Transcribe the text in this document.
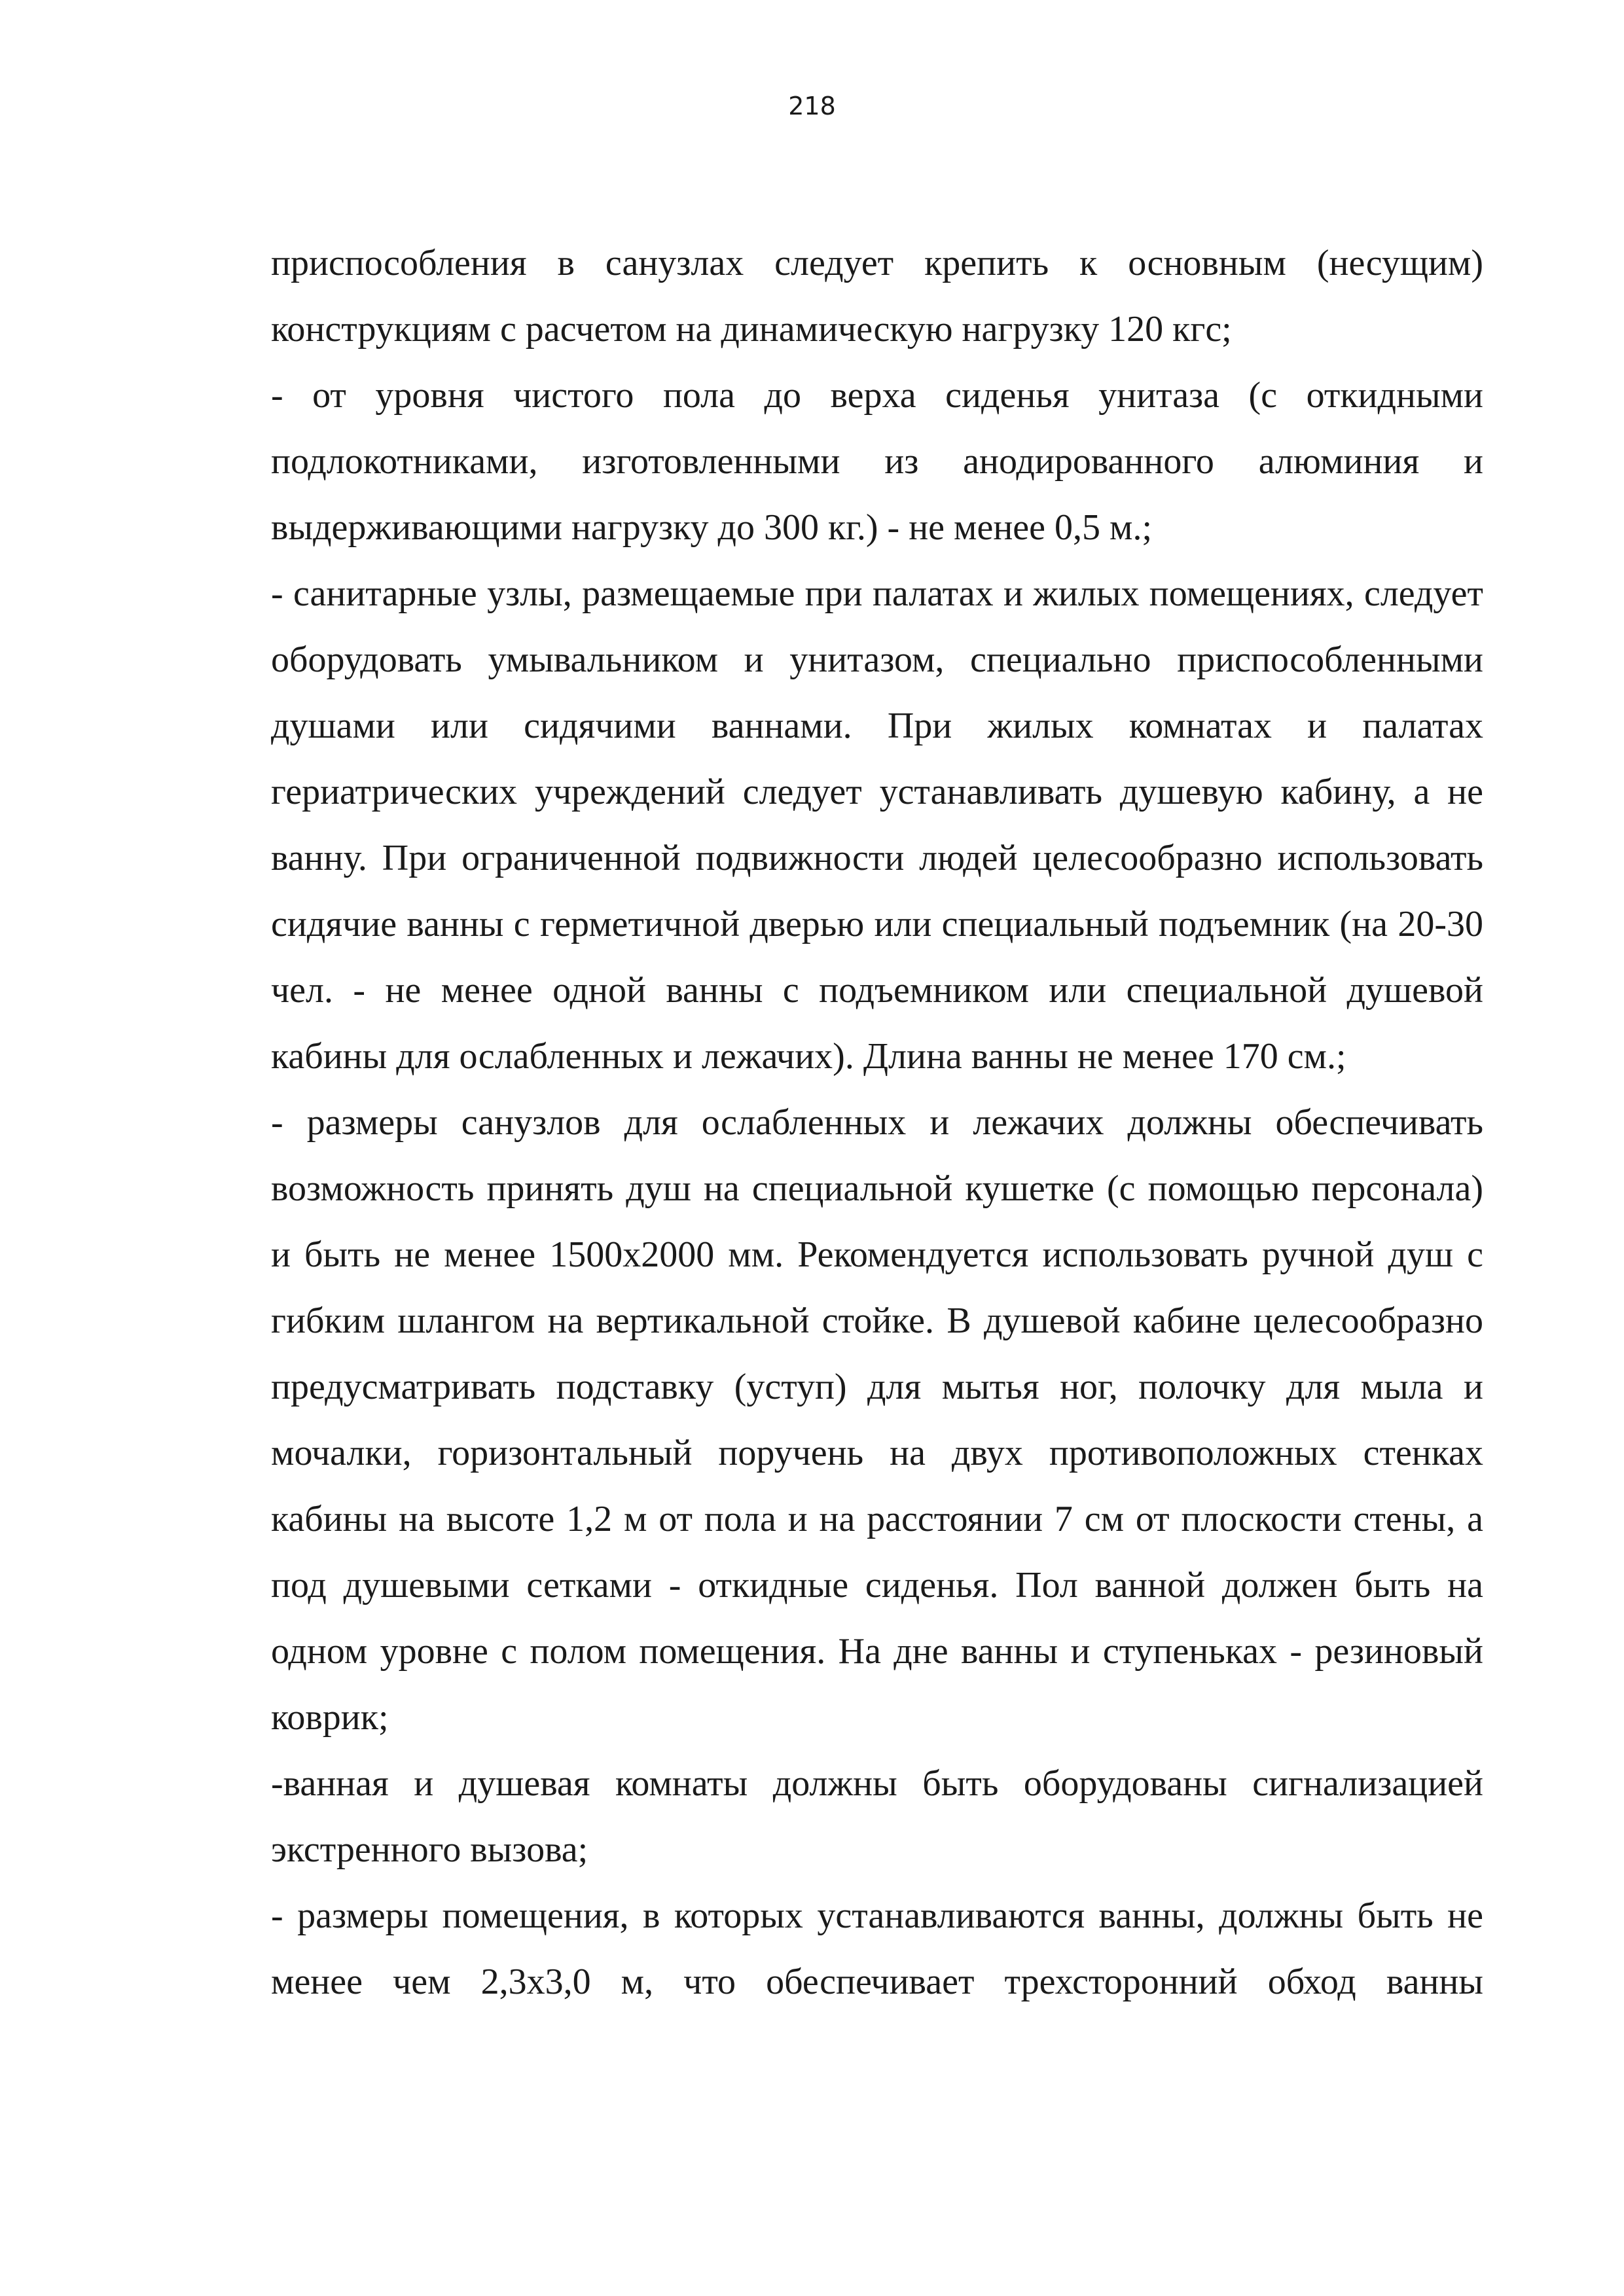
218

приспособления в санузлах следует крепить к основным (несущим) конструкциям с расчетом на динамическую нагрузку 120 кгс;

- от уровня чистого пола до верха сиденья унитаза (с откидными подлокотниками, изготовленными из анодированного алюминия и выдерживающими нагрузку до 300 кг.) - не менее 0,5 м.;

- санитарные узлы, размещаемые при палатах и жилых помещениях, следует оборудовать умывальником и унитазом, специально приспособленными душами или сидячими ваннами. При жилых комнатах и палатах гериатрических учреждений следует устанавливать душевую кабину, а не ванну. При ограниченной подвижности людей целесообразно использовать сидячие ванны с герметичной дверью или специальный подъемник (на 20-30 чел. - не менее одной ванны с подъемником или специальной душевой кабины для ослабленных и лежачих). Длина ванны не менее 170 см.;

- размеры санузлов для ослабленных и лежачих должны обеспечивать возможность принять душ на специальной кушетке (с помощью персонала) и быть не менее 1500х2000 мм. Рекомендуется использовать ручной душ с гибким шлангом на вертикальной стойке. В душевой кабине целесообразно предусматривать подставку (уступ) для мытья ног, полочку для мыла и мочалки, горизонтальный поручень на двух противоположных стенках кабины на высоте 1,2 м от пола и на расстоянии 7 см от плоскости стены, а под душевыми сетками - откидные сиденья. Пол ванной должен быть на одном уровне с полом помещения. На дне ванны и ступеньках - резиновый коврик;

-ванная и душевая комнаты должны быть оборудованы сигнализацией экстренного вызова;

- размеры помещения, в которых устанавливаются ванны, должны быть не менее чем 2,3х3,0 м, что обеспечивает трехсторонний обход ванны
